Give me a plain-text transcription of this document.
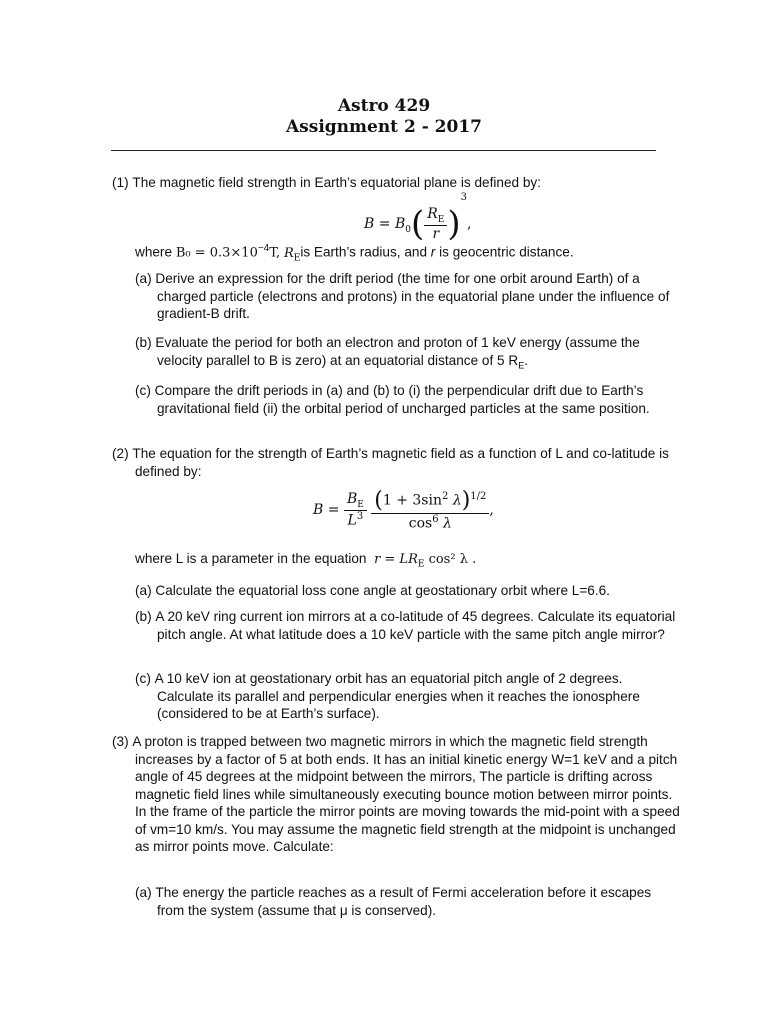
Astro 429
Assignment 2 - 2017
(1) The magnetic field strength in Earth’s equatorial plane is defined by:
$B = B_0( \frac{R_E}{r} )^3$,
where $B_0 = 0.3\times 10^{-4}T$, $R_Eis$ Earth’s radius, and r is geocentric distance.
(a) Derive an expression for the drift period (the time for one orbit around Earth) of a charged particle (electrons and protons) in the equatorial plane under the influence of gradient-B drift.
(b) Evaluate the period for both an electron and proton of 1 keV energy (assume the velocity parallel to B is zero) at an equatorial distance of 5 $R_E$.
(c) Compare the drift periods in (a) and (b) to (i) the perpendicular drift due to Earth’s gravitational field (ii) the orbital period of uncharged particles at the same position.
(2) The equation for the strength of Earth’s magnetic field as a function of L and co-latitude is defined by:
$B = \frac{B_E}{L^3}$
$\frac{(1 + 3\sin^2 \lambda)^{1/2}}{\cos^6 \lambda}$ ,
where L is a parameter in the equation $r = LR_E$ cos² λ .
(a) Calculate the equatorial loss cone angle at geostationary orbit where L=6.6.
(b) A 20 keV ring current ion mirrors at a co-latitude of 45 degrees. Calculate its equatorial pitch angle. At what latitude does a 10 keV particle with the same pitch angle mirror?
(c) A 10 keV ion at geostationary orbit has an equatorial pitch angle of 2 degrees. Calculate its parallel and perpendicular energies when it reaches the ionosphere (considered to be at Earth’s surface).
(3) A proton is trapped between two magnetic mirrors in which the magnetic field strength increases by a factor of 5 at both ends. It has an initial kinetic energy W=1 keV and a pitch angle of 45 degrees at the midpoint between the mirrors, The particle is drifting across magnetic field lines while simultaneously executing bounce motion between mirror points. In the frame of the particle the mirror points are moving towards the mid-point with a speed of vm=10 km/s. You may assume the magnetic field strength at the midpoint is unchanged as mirror points move. Calculate:
(a) The energy the particle reaches as a result of Fermi acceleration before it escapes from the system (assume that μ is conserved).
